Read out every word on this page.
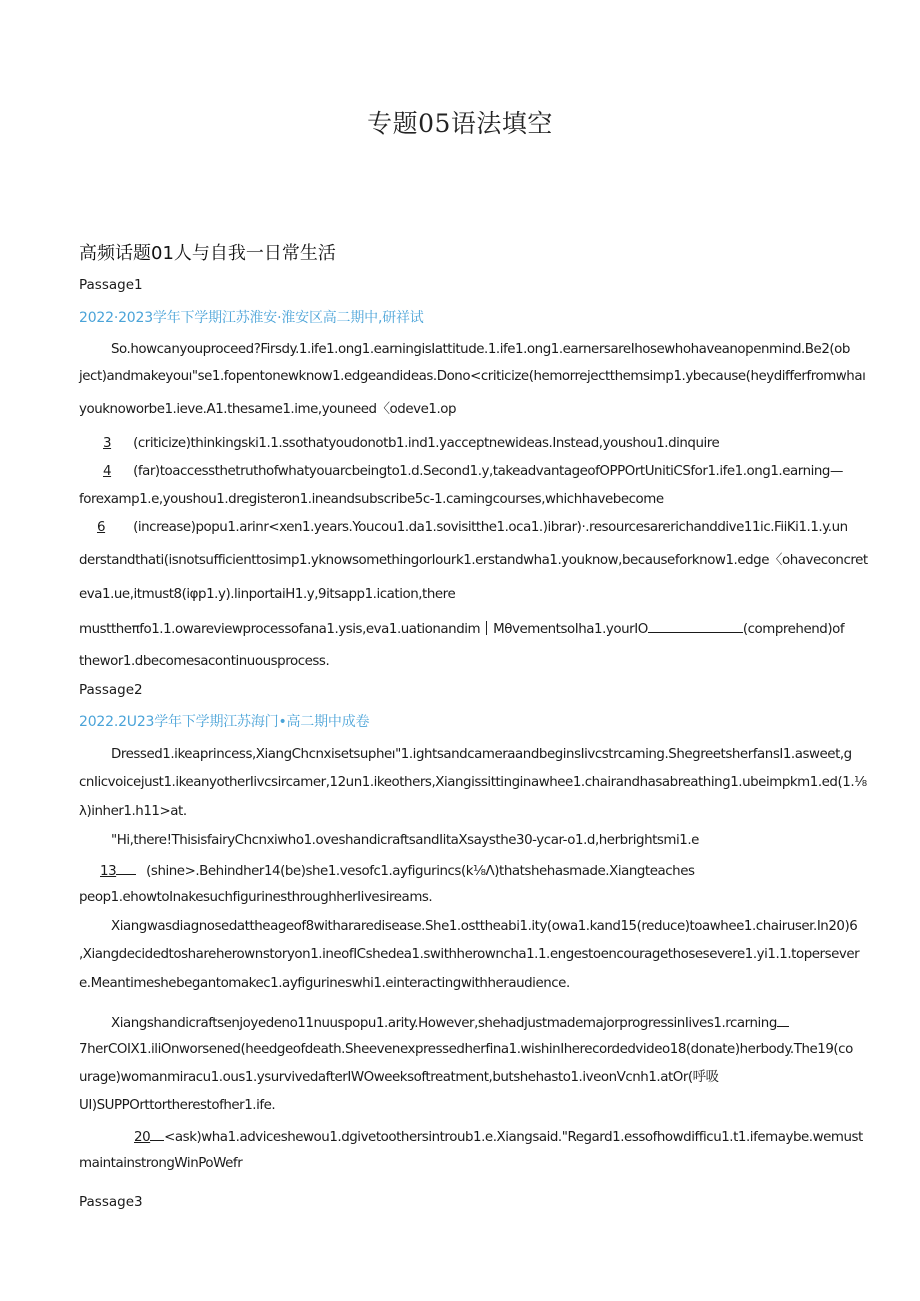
专题05语法填空
高频话题01人与自我一日常生活
Passage1
2022·2023学年下学期江苏淮安·淮安区高二期中,研祥试
So.howcanyouproceed?Firsdy.1.ife1.ong1.earningisIattitude.1.ife1.ong1.earnersareIhosewhohaveanopenmind.Be2(ob
ject)andmakeyouı"se1.fopentonewknow1.edgeandideas.Dono<criticize(hemorrejectthemsimp1.ybecause(heydifferfromwhaı
youknoworbe1.ieve.A1.thesame1.ime,youneed〈odeve1.op
3 (criticize)thinkingski1.1.ssothatyoudonotb1.ind1.yacceptnewideas.Instead,youshou1.dinquire
4 (far)toaccessthetruthofwhatyouarcbeingto1.d.Second1.y,takeadvantageofOPPOrtUnitiCSfor1.ife1.ong1.earning—
forexamp1.e,youshou1.dregisteron1.ineandsubscribe5c-1.camingcourses,whichhavebecome
6 (increase)popu1.arinr<xen1.years.Youcou1.da1.sovisitthe1.oca1.)ibrar)·.resourcesarerichanddive11ic.FiiKi1.1.y.un
derstandthati(isnotsufficienttosimp1.yknowsomethingorIourk1.erstandwha1.youknow,becauseforknow1.edge〈ohaveconcret
eva1.ue,itmust8(iφp1.y).linportaiH1.y,9itsapp1.ication,there
musttheπfo1.1.owareviewprocessofana1.ysis,eva1.uationandim MθvementsoIha1.yourIO	(comprehend)of
thewor1.dbecomesacontinuousprocess.
Passage2
2022.2U23学年下学期江苏海门•高二期中成卷
Dressed1.ikeaprincess,XiangChcnxisetsupheı"1.ightsandcameraandbeginsIivcstrcaming.ShegreetsherfansI1.asweet,g
cnIicvoicejust1.ikeanyotherIivcsircamer,12un1.ikeothers,Xiangissittinginawhee1.chairandhasabreathing1.ubeimpkm1.ed(1.⅛
λ)inher1.h11>at.
"Hi,there!ThisisfairyChcnxiwho1.oveshandicraftsandIitaXsaysthe30-ycar-o1.d,herbrightsmi1.e
13 (shine>.Behindher14(be)she1.vesofc1.ayfigurincs(k⅛Λ)thatshehasmade.Xiangteaches
peop1.ehowtoInakesuchfigurinesthroughherIivesireams.
Xiangwasdiagnosedattheageof8withararedisease.She1.osttheabi1.ity(owa1.kand15(reduce)toawhee1.chairuser.In20)6
,Xiangdecidedtoshareherownstoryon1.ineofICshedea1.swithherowncha1.1.engestoencouragethosesevere1.yi1.1.topersever
e.Meantimeshebegantomakec1.ayfigurineswhi1.einteractingwithheraudience.
Xiangshandicraftsenjoyedeno11nuuspopu1.arity.However,shehadjustmademajorprogressinIives1.rcarning
7herCOIX1.iliOnworsened(heedgeofdeath.Sheevenexpressedherfina1.wishinIherecordedvideo18(donate)herbody.The19(co
urage)womanmiracu1.ous1.ysurvivedafterIWOweeksoftreatment,butshehasto1.iveonVcnh1.atOr(呼吸
UI)SUPPOrttortherestofher1.ife.
20 <ask)wha1.adviceshewou1.dgivetoothersintroub1.e.Xiangsaid."Regard1.essofhowdifficu1.t1.ifemaybe.wemust
maintainstrongWinPoWefr
Passage3
